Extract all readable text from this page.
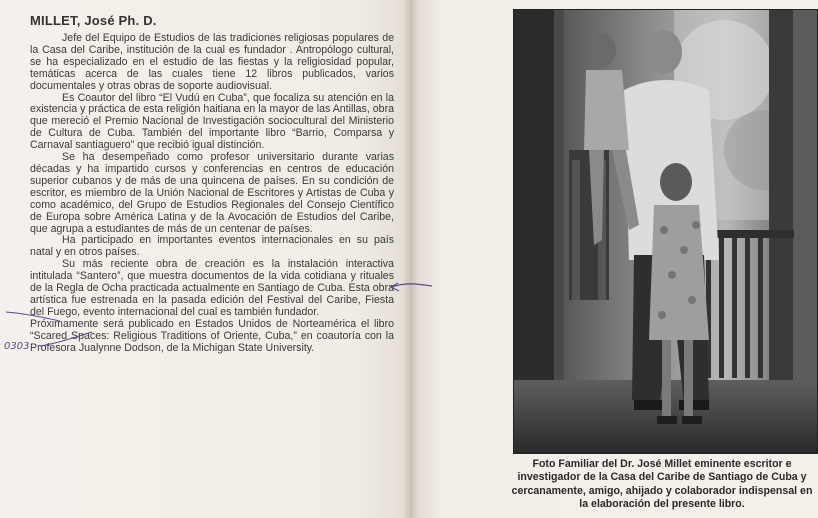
MILLET, José Ph. D.

Jefe del Equipo de Estudios de las tradiciones religiosas populares de la Casa del Caribe, institución de la cual es fundador . Antropólogo cultural, se ha especializado en el estudio de las fiestas y la religiosidad popular, temáticas acerca de las cuales tiene 12 libros publicados, varios documentales y otras obras de soporte audiovisual.

Es Coautor del libro “El Vudú en Cuba”, que focaliza su atención en la existencia y práctica de esta religión haitiana en la mayor de las Antillas, obra que mereció el Premio Nacional de Investigación sociocultural del Ministerio de Cultura de Cuba. También del importante libro “Barrio, Comparsa y Carnaval santiaguero” que recibió igual distinción.

Se ha desempeñado como profesor universitario durante varias décadas y ha impartido cursos y conferencias en centros de educación superior cubanos y de más de una quincena de países. En su condición de escritor, es miembro de la Unión Nacional de Escritores y Artistas de Cuba y como académico, del Grupo de Estudios Regionales del Consejo Científico de Europa sobre América Latina y de la Avocación de Estudios del Caribe, que agrupa a estudiantes de más de un centenar de países.

Ha participado en importantes eventos internacionales en su país natal y en otros países.

Su más reciente obra de creación es la instalación interactiva intitulada “Santero”, que muestra documentos de la vida cotidiana y rituales de la Regla de Ocha practicada actualmente en Santiago de Cuba. Esta obra artística fue estrenada en la pasada edición del Festival del Caribe, Fiesta del Fuego, evento internacional del cual es también fundador.

Próximamente será publicado en Estados Unidos de Norteamérica el libro “Scared Spaces: Religious Traditions of Oriente, Cuba,” en coautoría con la Profesora Jualynne Dodson, de la Michigan State University.

0303
Foto Familiar del Dr. José Millet eminente escritor e investigador de la Casa del Caribe de Santiago de Cuba y cercanamente, amigo, ahijado y colaborador indispensal en la elaboración del presente libro.
